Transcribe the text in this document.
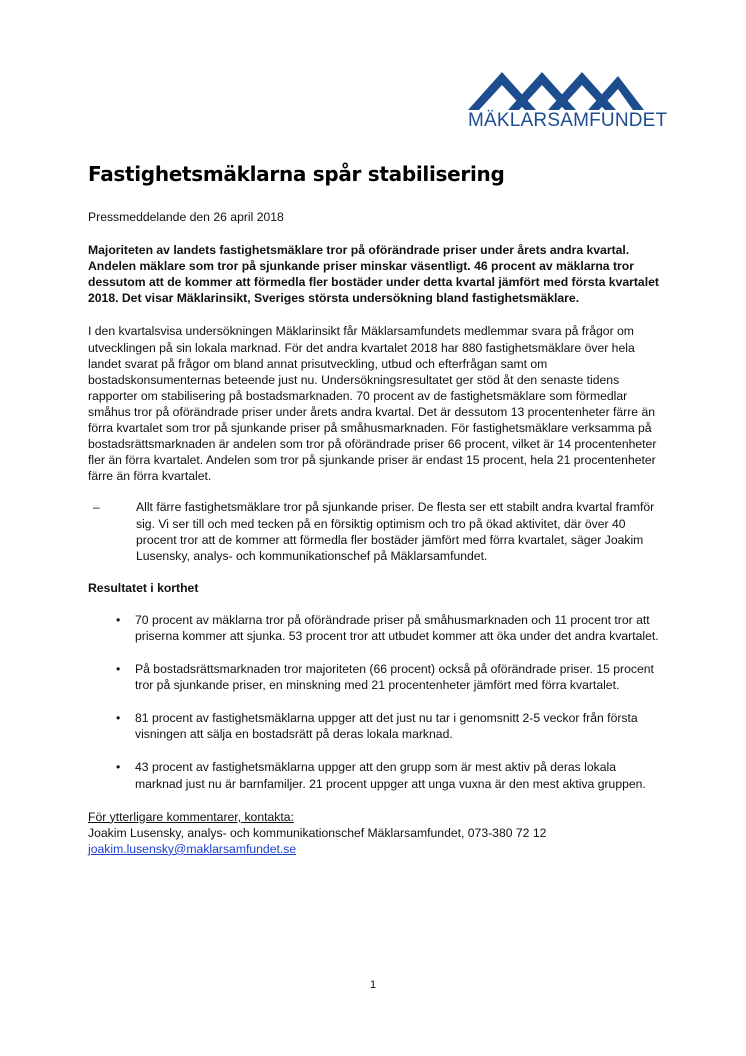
MÄKLARSAMFUNDET
Fastighetsmäklarna spår stabilisering

Pressmeddelande den 26 april 2018

Majoriteten av landets fastighetsmäklare tror på oförändrade priser under årets andra kvartal. Andelen mäklare som tror på sjunkande priser minskar väsentligt. 46 procent av mäklarna tror dessutom att de kommer att förmedla fler bostäder under detta kvartal jämfört med första kvartalet 2018. Det visar Mäklarinsikt, Sveriges största undersökning bland fastighetsmäklare.

I den kvartalsvisa undersökningen Mäklarinsikt får Mäklarsamfundets medlemmar svara på frågor om utvecklingen på sin lokala marknad. För det andra kvartalet 2018 har 880 fastighetsmäklare över hela landet svarat på frågor om bland annat prisutveckling, utbud och efterfrågan samt om bostadskonsumenternas beteende just nu. Undersökningsresultatet ger stöd åt den senaste tidens rapporter om stabilisering på bostadsmarknaden. 70 procent av de fastighetsmäklare som förmedlar småhus tror på oförändrade priser under årets andra kvartal. Det är dessutom 13 procentenheter färre än förra kvartalet som tror på sjunkande priser på småhusmarknaden. För fastighetsmäklare verksamma på bostadsrättsmarknaden är andelen som tror på oförändrade priser 66 procent, vilket är 14 procentenheter fler än förra kvartalet. Andelen som tror på sjunkande priser är endast 15 procent, hela 21 procentenheter färre än förra kvartalet.

–	Allt färre fastighetsmäklare tror på sjunkande priser. De flesta ser ett stabilt andra kvartal framför sig. Vi ser till och med tecken på en försiktig optimism och tro på ökad aktivitet, där över 40 procent tror att de kommer att förmedla fler bostäder jämfört med förra kvartalet, säger Joakim Lusensky, analys- och kommunikationschef på Mäklarsamfundet.

Resultatet i korthet

• 70 procent av mäklarna tror på oförändrade priser på småhusmarknaden och 11 procent tror att priserna kommer att sjunka. 53 procent tror att utbudet kommer att öka under det andra kvartalet.
• På bostadsrättsmarknaden tror majoriteten (66 procent) också på oförändrade priser. 15 procent tror på sjunkande priser, en minskning med 21 procentenheter jämfört med förra kvartalet.
• 81 procent av fastighetsmäklarna uppger att det just nu tar i genomsnitt 2-5 veckor från första visningen att sälja en bostadsrätt på deras lokala marknad.
• 43 procent av fastighetsmäklarna uppger att den grupp som är mest aktiv på deras lokala marknad just nu är barnfamiljer. 21 procent uppger att unga vuxna är den mest aktiva gruppen.

För ytterligare kommentarer, kontakta:
Joakim Lusensky, analys- och kommunikationschef Mäklarsamfundet, 073-380 72 12
joakim.lusensky@maklarsamfundet.se

1
